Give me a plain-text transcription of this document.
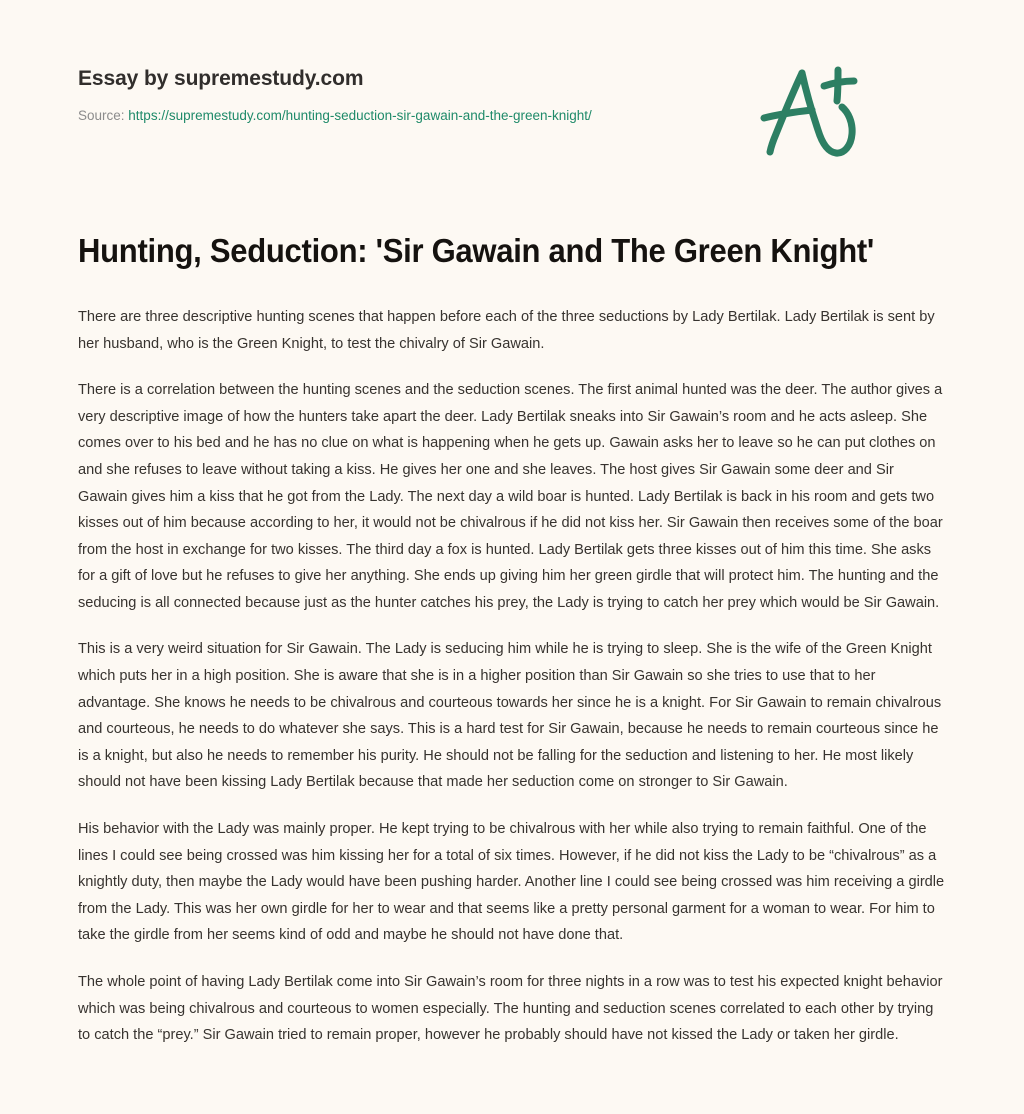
Essay by supremestudy.com
Source: https://supremestudy.com/hunting-seduction-sir-gawain-and-the-green-knight/
Hunting, Seduction: 'Sir Gawain and The Green Knight'

There are three descriptive hunting scenes that happen before each of the three seductions by Lady Bertilak. Lady Bertilak is sent by her husband, who is the Green Knight, to test the chivalry of Sir Gawain.

There is a correlation between the hunting scenes and the seduction scenes. The first animal hunted was the deer. The author gives a very descriptive image of how the hunters take apart the deer. Lady Bertilak sneaks into Sir Gawain’s room and he acts asleep. She comes over to his bed and he has no clue on what is happening when he gets up. Gawain asks her to leave so he can put clothes on and she refuses to leave without taking a kiss. He gives her one and she leaves. The host gives Sir Gawain some deer and Sir Gawain gives him a kiss that he got from the Lady. The next day a wild boar is hunted. Lady Bertilak is back in his room and gets two kisses out of him because according to her, it would not be chivalrous if he did not kiss her. Sir Gawain then receives some of the boar from the host in exchange for two kisses. The third day a fox is hunted. Lady Bertilak gets three kisses out of him this time. She asks for a gift of love but he refuses to give her anything. She ends up giving him her green girdle that will protect him. The hunting and the seducing is all connected because just as the hunter catches his prey, the Lady is trying to catch her prey which would be Sir Gawain.

This is a very weird situation for Sir Gawain. The Lady is seducing him while he is trying to sleep. She is the wife of the Green Knight which puts her in a high position. She is aware that she is in a higher position than Sir Gawain so she tries to use that to her advantage. She knows he needs to be chivalrous and courteous towards her since he is a knight. For Sir Gawain to remain chivalrous and courteous, he needs to do whatever she says. This is a hard test for Sir Gawain, because he needs to remain courteous since he is a knight, but also he needs to remember his purity. He should not be falling for the seduction and listening to her. He most likely should not have been kissing Lady Bertilak because that made her seduction come on stronger to Sir Gawain.

His behavior with the Lady was mainly proper. He kept trying to be chivalrous with her while also trying to remain faithful. One of the lines I could see being crossed was him kissing her for a total of six times. However, if he did not kiss the Lady to be “chivalrous” as a knightly duty, then maybe the Lady would have been pushing harder. Another line I could see being crossed was him receiving a girdle from the Lady. This was her own girdle for her to wear and that seems like a pretty personal garment for a woman to wear. For him to take the girdle from her seems kind of odd and maybe he should not have done that.

The whole point of having Lady Bertilak come into Sir Gawain’s room for three nights in a row was to test his expected knight behavior which was being chivalrous and courteous to women especially. The hunting and seduction scenes correlated to each other by trying to catch the “prey.” Sir Gawain tried to remain proper, however he probably should have not kissed the Lady or taken her girdle.
